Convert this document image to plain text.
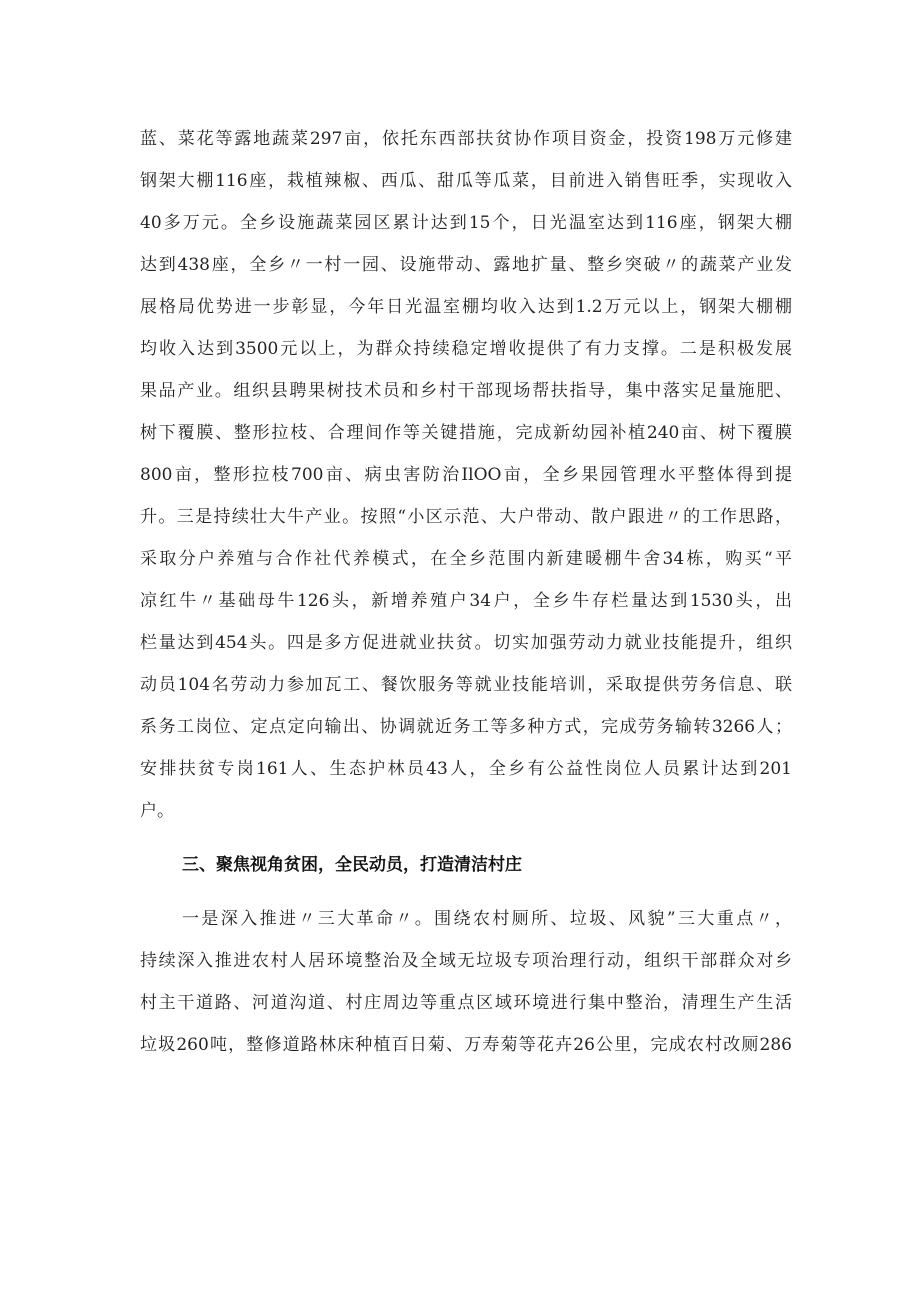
蓝、菜花等露地蔬菜297亩，依托东西部扶贫协作项目资金，投资198万元修建
钢架大棚116座，栽植辣椒、西瓜、甜瓜等瓜菜，目前进入销售旺季，实现收入
40多万元。全乡设施蔬菜园区累计达到15个，日光温室达到116座，钢架大棚
达到438座，全乡〃一村一园、设施带动、露地扩量、整乡突破〃的蔬菜产业发
展格局优势进一步彰显，今年日光温室棚均收入达到1.2万元以上，钢架大棚棚
均收入达到3500元以上，为群众持续稳定增收提供了有力支撑。二是积极发展
果品产业。组织县聘果树技术员和乡村干部现场帮扶指导，集中落实足量施肥、
树下覆膜、整形拉枝、合理间作等关键措施，完成新幼园补植240亩、树下覆膜
800亩，整形拉枝700亩、病虫害防治IlOO亩，全乡果园管理水平整体得到提
升。三是持续壮大牛产业。按照“小区示范、大户带动、散户跟进〃的工作思路，
采取分户养殖与合作社代养模式，在全乡范围内新建暖棚牛舍34栋，购买“平
凉红牛〃基础母牛126头，新增养殖户34户，全乡牛存栏量达到1530头，出
栏量达到454头。四是多方促进就业扶贫。切实加强劳动力就业技能提升，组织
动员104名劳动力参加瓦工、餐饮服务等就业技能培训，采取提供劳务信息、联
系务工岗位、定点定向输出、协调就近务工等多种方式，完成劳务输转3266人；
安排扶贫专岗161人、生态护林员43人，全乡有公益性岗位人员累计达到201
户。
三、聚焦视角贫困，全民动员，打造清洁村庄
一是深入推进〃三大革命〃。围绕农村厕所、垃圾、风貌”三大重点〃，
持续深入推进农村人居环境整治及全域无垃圾专项治理行动，组织干部群众对乡
村主干道路、河道沟道、村庄周边等重点区域环境进行集中整治，清理生产生活
垃圾260吨，整修道路林床种植百日菊、万寿菊等花卉26公里，完成农村改厕286
